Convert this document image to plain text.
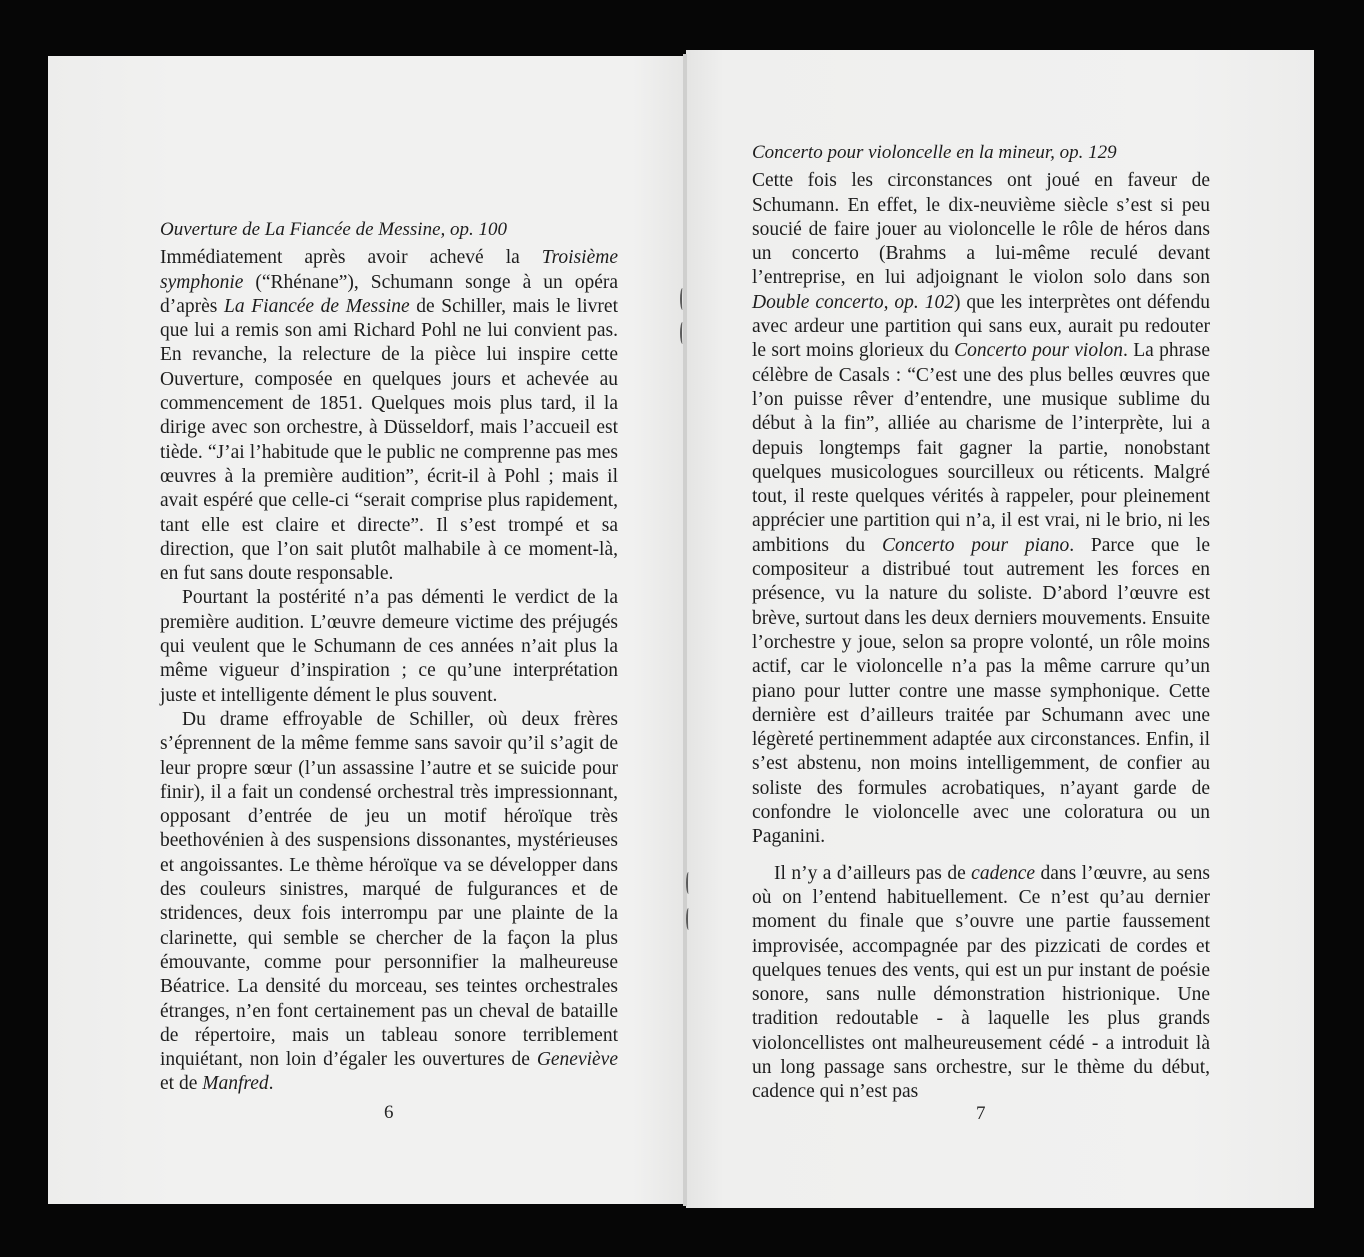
Ouverture de La Fiancée de Messine, op. 100

Immédiatement après avoir achevé la Troisième symphonie (“Rhénane”), Schumann songe à un opéra d’après La Fiancée de Messine de Schiller, mais le livret que lui a remis son ami Richard Pohl ne lui convient pas. En revanche, la relecture de la pièce lui inspire cette Ouverture, composée en quelques jours et achevée au commencement de 1851. Quelques mois plus tard, il la dirige avec son orchestre, à Düsseldorf, mais l’accueil est tiède. “J’ai l’habitude que le public ne comprenne pas mes œuvres à la première audition”, écrit-il à Pohl ; mais il avait espéré que celle-ci “serait comprise plus rapidement, tant elle est claire et directe”. Il s’est trompé et sa direction, que l’on sait plutôt malhabile à ce moment-là, en fut sans doute responsable.

Pourtant la postérité n’a pas démenti le verdict de la première audition. L’œuvre demeure victime des préjugés qui veulent que le Schumann de ces années n’ait plus la même vigueur d’inspiration ; ce qu’une interprétation juste et intelligente dément le plus souvent.

Du drame effroyable de Schiller, où deux frères s’éprennent de la même femme sans savoir qu’il s’agit de leur propre sœur (l’un assassine l’autre et se suicide pour finir), il a fait un condensé orchestral très impressionnant, opposant d’entrée de jeu un motif héroïque très beethovénien à des suspensions dissonantes, mystérieuses et angoissantes. Le thème héroïque va se développer dans des couleurs sinistres, marqué de fulgurances et de stridences, deux fois interrompu par une plainte de la clarinette, qui semble se chercher de la façon la plus émouvante, comme pour personnifier la malheureuse Béatrice. La densité du morceau, ses teintes orchestrales étranges, n’en font certainement pas un cheval de bataille de répertoire, mais un tableau sonore terriblement inquiétant, non loin d’égaler les ouvertures de Geneviève et de Manfred.

Concerto pour violoncelle en la mineur, op. 129

Cette fois les circonstances ont joué en faveur de Schumann. En effet, le dix-neuvième siècle s’est si peu soucié de faire jouer au violoncelle le rôle de héros dans un concerto (Brahms a lui-même reculé devant l’entreprise, en lui adjoignant le violon solo dans son Double concerto, op. 102) que les interprètes ont défendu avec ardeur une partition qui sans eux, aurait pu redouter le sort moins glorieux du Concerto pour violon. La phrase célèbre de Casals : “C’est une des plus belles œuvres que l’on puisse rêver d’entendre, une musique sublime du début à la fin”, alliée au charisme de l’interprète, lui a depuis longtemps fait gagner la partie, nonobstant quelques musicologues sourcilleux ou réticents. Malgré tout, il reste quelques vérités à rappeler, pour pleinement apprécier une partition qui n’a, il est vrai, ni le brio, ni les ambitions du Concerto pour piano. Parce que le compositeur a distribué tout autrement les forces en présence, vu la nature du soliste. D’abord l’œuvre est brève, surtout dans les deux derniers mouvements. Ensuite l’orchestre y joue, selon sa propre volonté, un rôle moins actif, car le violoncelle n’a pas la même carrure qu’un piano pour lutter contre une masse symphonique. Cette dernière est d’ailleurs traitée par Schumann avec une légèreté pertinemment adaptée aux circonstances. Enfin, il s’est abstenu, non moins intelligemment, de confier au soliste des formules acrobatiques, n’ayant garde de confondre le violoncelle avec une coloratura ou un Paganini.

Il n’y a d’ailleurs pas de cadence dans l’œuvre, au sens où on l’entend habituellement. Ce n’est qu’au dernier moment du finale que s’ouvre une partie faussement improvisée, accompagnée par des pizzicati de cordes et quelques tenues des vents, qui est un pur instant de poésie sonore, sans nulle démonstration histrionique. Une tradition redoutable - à laquelle les plus grands violoncellistes ont malheureusement cédé - a introduit là un long passage sans orchestre, sur le thème du début, cadence qui n’est pas

6	7
